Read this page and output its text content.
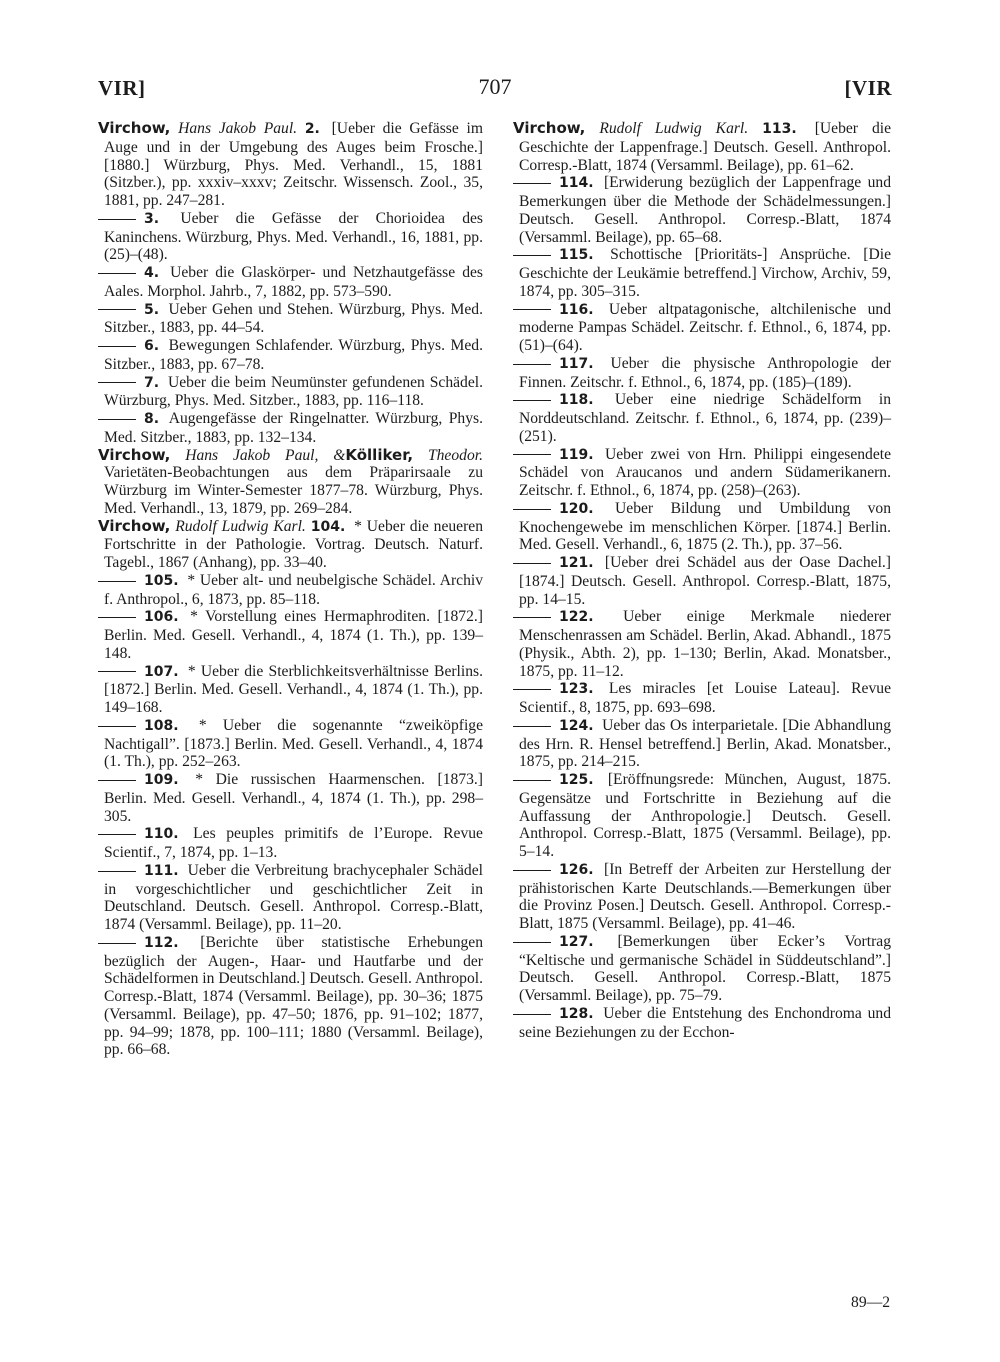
VIR]	707	[VIR

Virchow, Hans Jakob Paul. 2. [Ueber die Gefässe im Auge und in der Umgebung des Auges beim Frosche.] [1880.] Würzburg, Phys. Med. Verhandl., 15, 1881 (Sitzber.), pp. xxxiv–xxxv; Zeitschr. Wissensch. Zool., 35, 1881, pp. 247–281.

3. Ueber die Gefässe der Chorioidea des Kaninchens. Würzburg, Phys. Med. Verhandl., 16, 1881, pp. (25)–(48).

4. Ueber die Glaskörper- und Netzhautgefässe des Aales. Morphol. Jahrb., 7, 1882, pp. 573–590.

5. Ueber Gehen und Stehen. Würzburg, Phys. Med. Sitzber., 1883, pp. 44–54.

6. Bewegungen Schlafender. Würzburg, Phys. Med. Sitzber., 1883, pp. 67–78.

7. Ueber die beim Neumünster gefundenen Schädel. Würzburg, Phys. Med. Sitzber., 1883, pp. 116–118.

8. Augengefässe der Ringelnatter. Würzburg, Phys. Med. Sitzber., 1883, pp. 132–134.

Virchow, Hans Jakob Paul, &Kölliker, Theodor. Varietäten-Beobachtungen aus dem Präparirsaale zu Würzburg im Winter-Semester 1877–78. Würzburg, Phys. Med. Verhandl., 13, 1879, pp. 269–284.

Virchow, Rudolf Ludwig Karl. 104. * Ueber die neueren Fortschritte in der Pathologie. Vortrag. Deutsch. Naturf. Tagebl., 1867 (Anhang), pp. 33–40.

105. * Ueber alt- und neubelgische Schädel. Archiv f. Anthropol., 6, 1873, pp. 85–118.

106. * Vorstellung eines Hermaphroditen. [1872.] Berlin. Med. Gesell. Verhandl., 4, 1874 (1. Th.), pp. 139–148.

107. * Ueber die Sterblichkeitsverhältnisse Berlins. [1872.] Berlin. Med. Gesell. Verhandl., 4, 1874 (1. Th.), pp. 149–168.

108. * Ueber die sogenannte “zweiköpfige Nachtigall”. [1873.] Berlin. Med. Gesell. Verhandl., 4, 1874 (1. Th.), pp. 252–263.

109. * Die russischen Haarmenschen. [1873.] Berlin. Med. Gesell. Verhandl., 4, 1874 (1. Th.), pp. 298–305.

110. Les peuples primitifs de l’Europe. Revue Scientif., 7, 1874, pp. 1–13.

111. Ueber die Verbreitung brachycephaler Schädel in vorgeschichtlicher und geschichtlicher Zeit in Deutschland. Deutsch. Gesell. Anthropol. Corresp.-Blatt, 1874 (Versamml. Beilage), pp. 11–20.

112. [Berichte über statistische Erhebungen bezüglich der Augen-, Haar- und Hautfarbe und der Schädelformen in Deutschland.] Deutsch. Gesell. Anthropol. Corresp.-Blatt, 1874 (Versamml. Beilage), pp. 30–36; 1875 (Versamml. Beilage), pp. 47–50; 1876, pp. 91–102; 1877, pp. 94–99; 1878, pp. 100–111; 1880 (Versamml. Beilage), pp. 66–68.

Virchow, Rudolf Ludwig Karl. 113. [Ueber die Geschichte der Lappenfrage.] Deutsch. Gesell. Anthropol. Corresp.-Blatt, 1874 (Versamml. Beilage), pp. 61–62.

114. [Erwiderung bezüglich der Lappenfrage und Bemerkungen über die Methode der Schädelmessungen.] Deutsch. Gesell. Anthropol. Corresp.-Blatt, 1874 (Versamml. Beilage), pp. 65–68.

115. Schottische [Prioritäts-] Ansprüche. [Die Geschichte der Leukämie betreffend.] Virchow, Archiv, 59, 1874, pp. 305–315.

116. Ueber altpatagonische, altchilenische und moderne Pampas Schädel. Zeitschr. f. Ethnol., 6, 1874, pp. (51)–(64).

117. Ueber die physische Anthropologie der Finnen. Zeitschr. f. Ethnol., 6, 1874, pp. (185)–(189).

118. Ueber eine niedrige Schädelform in Norddeutschland. Zeitschr. f. Ethnol., 6, 1874, pp. (239)–(251).

119. Ueber zwei von Hrn. Philippi eingesendete Schädel von Araucanos und andern Südamerikanern. Zeitschr. f. Ethnol., 6, 1874, pp. (258)–(263).

120. Ueber Bildung und Umbildung von Knochengewebe im menschlichen Körper. [1874.] Berlin. Med. Gesell. Verhandl., 6, 1875 (2. Th.), pp. 37–56.

121. [Ueber drei Schädel aus der Oase Dachel.] [1874.] Deutsch. Gesell. Anthropol. Corresp.-Blatt, 1875, pp. 14–15.

122. Ueber einige Merkmale niederer Menschenrassen am Schädel. Berlin, Akad. Abhandl., 1875 (Physik., Abth. 2), pp. 1–130; Berlin, Akad. Monatsber., 1875, pp. 11–12.

123. Les miracles [et Louise Lateau]. Revue Scientif., 8, 1875, pp. 693–698.

124. Ueber das Os interparietale. [Die Abhandlung des Hrn. R. Hensel betreffend.] Berlin, Akad. Monatsber., 1875, pp. 214–215.

125. [Eröffnungsrede: München, August, 1875. Gegensätze und Fortschritte in Beziehung auf die Auffassung der Anthropologie.] Deutsch. Gesell. Anthropol. Corresp.-Blatt, 1875 (Versamml. Beilage), pp. 5–14.

126. [In Betreff der Arbeiten zur Herstellung der prähistorischen Karte Deutschlands.—Bemerkungen über die Provinz Posen.] Deutsch. Gesell. Anthropol. Corresp.-Blatt, 1875 (Versamml. Beilage), pp. 41–46.

127. [Bemerkungen über Ecker’s Vortrag “Keltische und germanische Schädel in Süddeutschland”.] Deutsch. Gesell. Anthropol. Corresp.-Blatt, 1875 (Versamml. Beilage), pp. 75–79.

128. Ueber die Entstehung des Enchondroma und seine Beziehungen zu der Ecchon-

89—2
